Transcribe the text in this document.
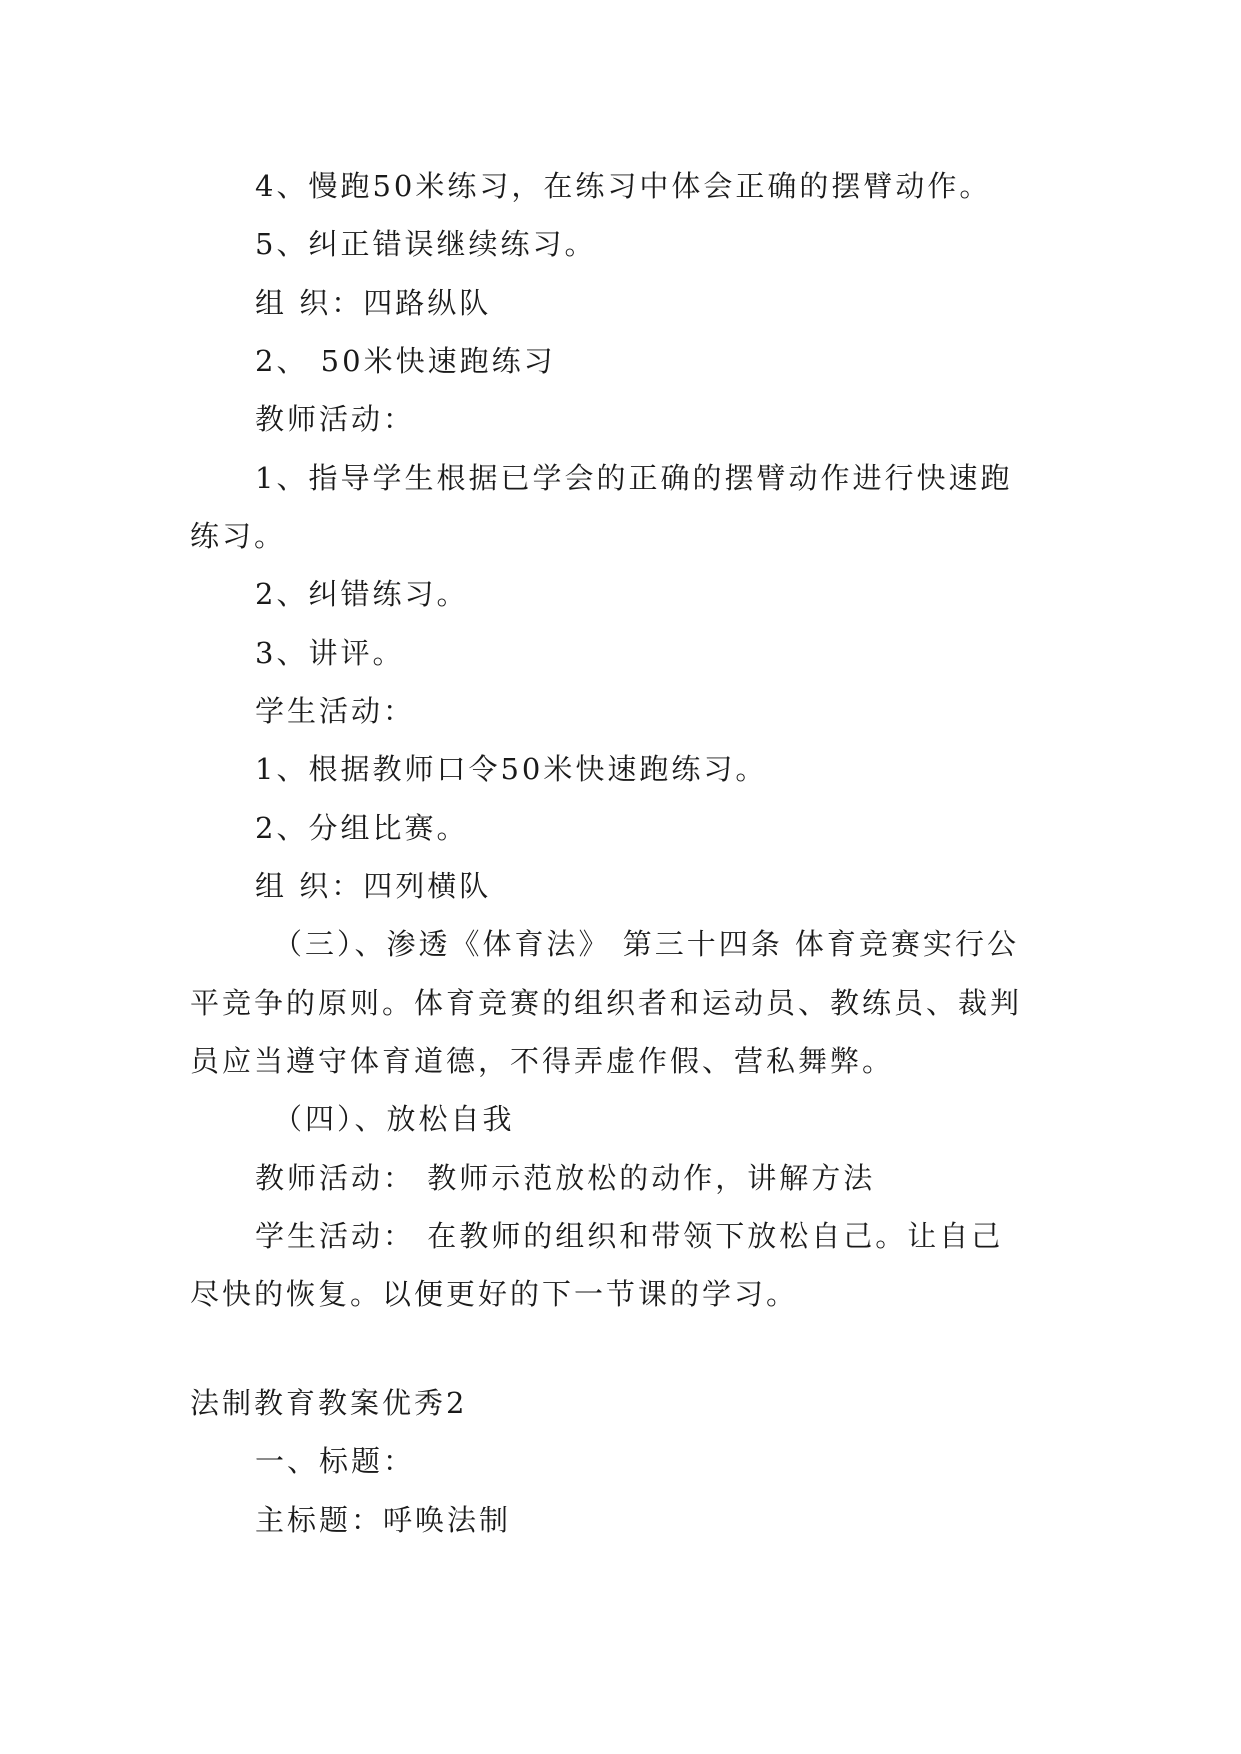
4、慢跑50米练习，在练习中体会正确的摆臂动作。
5、纠正错误继续练习。
组 织：四路纵队
2、 50米快速跑练习
教师活动：
1、指导学生根据已学会的正确的摆臂动作进行快速跑
练习。
2、纠错练习。
3、讲评。
学生活动：
1、根据教师口令50米快速跑练习。
2、分组比赛。
组 织：四列横队
（三）、渗透《体育法》 第三十四条 体育竞赛实行公
平竞争的原则。体育竞赛的组织者和运动员、教练员、裁判
员应当遵守体育道德，不得弄虚作假、营私舞弊。
（四）、放松自我
教师活动： 教师示范放松的动作，讲解方法
学生活动： 在教师的组织和带领下放松自己。让自己
尽快的恢复。以便更好的下一节课的学习。
法制教育教案优秀2
一、标题：
主标题：呼唤法制
